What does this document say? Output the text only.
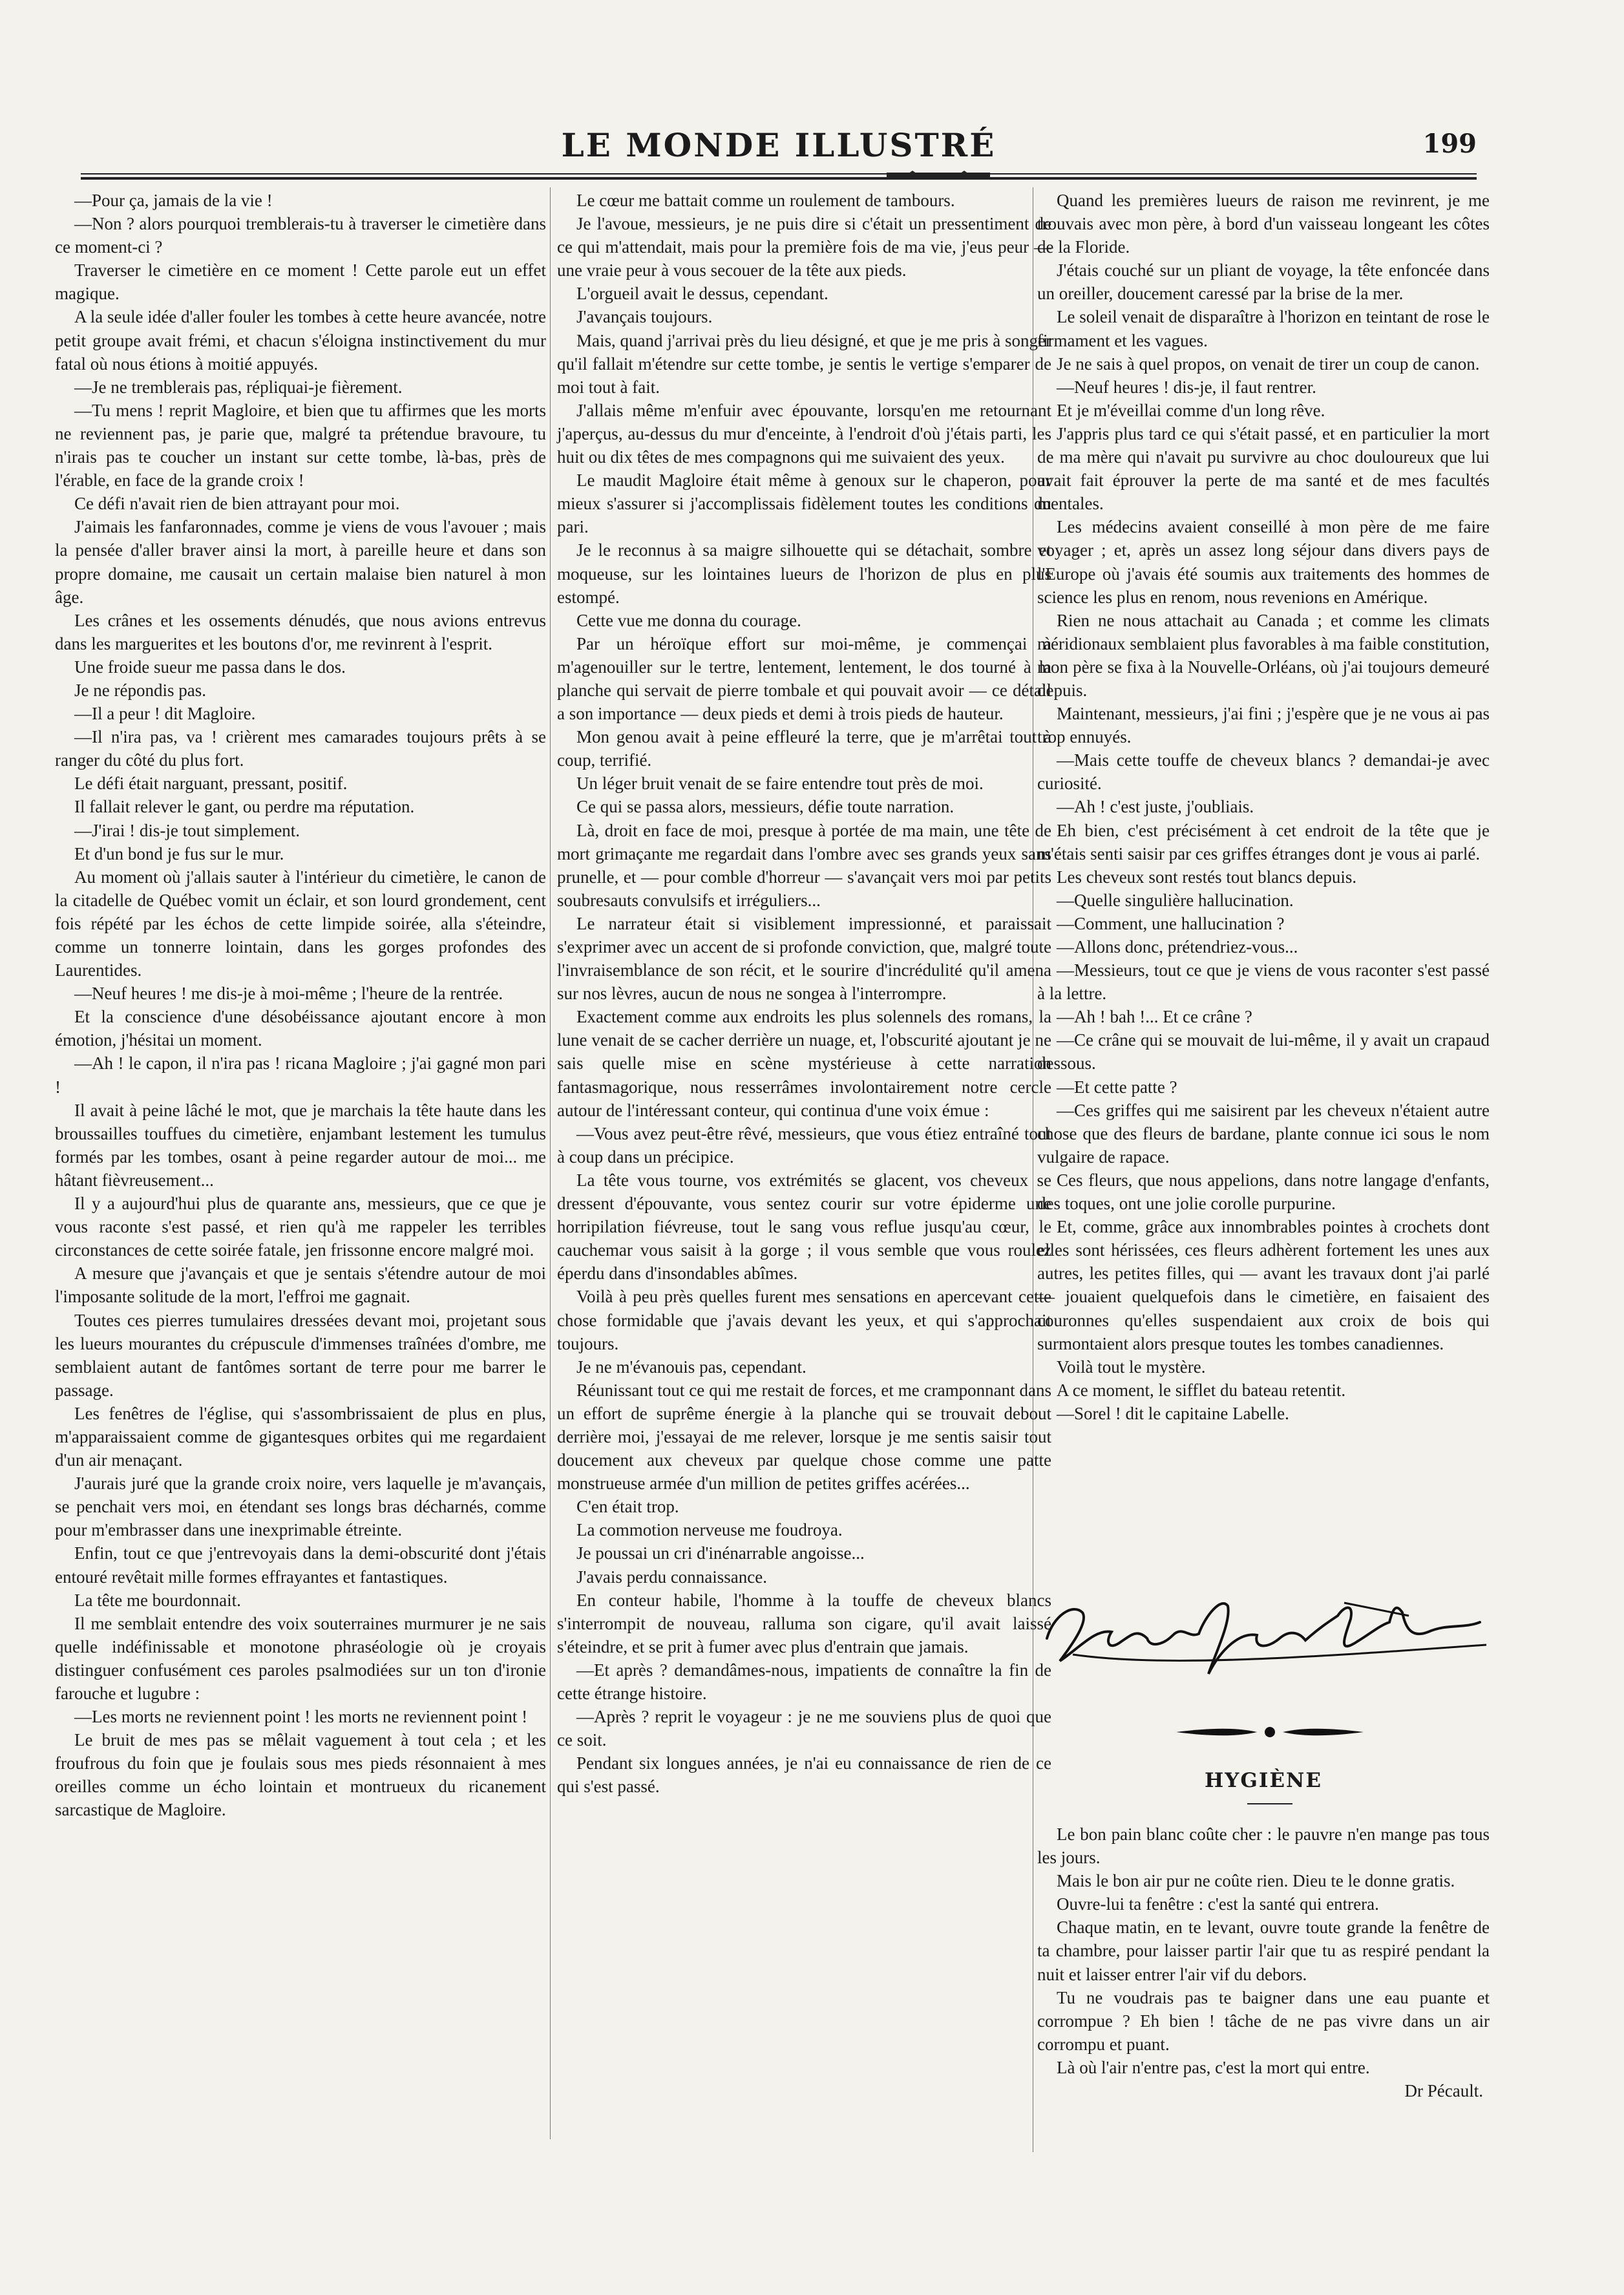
LE MONDE ILLUSTRÉ	199

—Pour ça, jamais de la vie !

—Non ? alors pourquoi tremblerais-tu à traverser le cimetière dans ce moment-ci ?

Traverser le cimetière en ce moment ! Cette parole eut un effet magique.

A la seule idée d'aller fouler les tombes à cette heure avancée, notre petit groupe avait frémi, et chacun s'éloigna instinctivement du mur fatal où nous étions à moitié appuyés.

—Je ne tremblerais pas, répliquai-je fièrement.

—Tu mens ! reprit Magloire, et bien que tu affirmes que les morts ne reviennent pas, je parie que, malgré ta prétendue bravoure, tu n'irais pas te coucher un instant sur cette tombe, là-bas, près de l'érable, en face de la grande croix !

Ce défi n'avait rien de bien attrayant pour moi.

J'aimais les fanfaronnades, comme je viens de vous l'avouer ; mais la pensée d'aller braver ainsi la mort, à pareille heure et dans son propre domaine, me causait un certain malaise bien naturel à mon âge.

Les crânes et les ossements dénudés, que nous avions entrevus dans les marguerites et les boutons d'or, me revinrent à l'esprit.

Une froide sueur me passa dans le dos.

Je ne répondis pas.

—Il a peur ! dit Magloire.

—Il n'ira pas, va ! crièrent mes camarades toujours prêts à se ranger du côté du plus fort.

Le défi était narguant, pressant, positif.

Il fallait relever le gant, ou perdre ma réputation.

—J'irai ! dis-je tout simplement.

Et d'un bond je fus sur le mur.

Au moment où j'allais sauter à l'intérieur du cimetière, le canon de la citadelle de Québec vomit un éclair, et son lourd grondement, cent fois répété par les échos de cette limpide soirée, alla s'éteindre, comme un tonnerre lointain, dans les gorges profondes des Laurentides.

—Neuf heures ! me dis-je à moi-même ; l'heure de la rentrée.

Et la conscience d'une désobéissance ajoutant encore à mon émotion, j'hésitai un moment.

—Ah ! le capon, il n'ira pas ! ricana Magloire ; j'ai gagné mon pari !

Il avait à peine lâché le mot, que je marchais la tête haute dans les broussailles touffues du cimetière, enjambant lestement les tumulus formés par les tombes, osant à peine regarder autour de moi... me hâtant fièvreusement...

Il y a aujourd'hui plus de quarante ans, messieurs, que ce que je vous raconte s'est passé, et rien qu'à me rappeler les terribles circonstances de cette soirée fatale, jen frissonne encore malgré moi.

A mesure que j'avançais et que je sentais s'étendre autour de moi l'imposante solitude de la mort, l'effroi me gagnait.

Toutes ces pierres tumulaires dressées devant moi, projetant sous les lueurs mourantes du crépuscule d'immenses traînées d'ombre, me semblaient autant de fantômes sortant de terre pour me barrer le passage.

Les fenêtres de l'église, qui s'assombrissaient de plus en plus, m'apparaissaient comme de gigantesques orbites qui me regardaient d'un air menaçant.

J'aurais juré que la grande croix noire, vers laquelle je m'avançais, se penchait vers moi, en étendant ses longs bras décharnés, comme pour m'embrasser dans une inexprimable étreinte.

Enfin, tout ce que j'entrevoyais dans la demi-obscurité dont j'étais entouré revêtait mille formes effrayantes et fantastiques.

La tête me bourdonnait.

Il me semblait entendre des voix souterraines murmurer je ne sais quelle indéfinissable et monotone phraséologie où je croyais distinguer confusément ces paroles psalmodiées sur un ton d'ironie farouche et lugubre :

—Les morts ne reviennent point ! les morts ne reviennent point !

Le bruit de mes pas se mêlait vaguement à tout cela ; et les froufrous du foin que je foulais sous mes pieds résonnaient à mes oreilles comme un écho lointain et montrueux du ricanement sarcastique de Magloire.

Le cœur me battait comme un roulement de tambours.

Je l'avoue, messieurs, je ne puis dire si c'était un pressentiment de ce qui m'attendait, mais pour la première fois de ma vie, j'eus peur — une vraie peur à vous secouer de la tête aux pieds.

L'orgueil avait le dessus, cependant.

J'avançais toujours.

Mais, quand j'arrivai près du lieu désigné, et que je me pris à songer qu'il fallait m'étendre sur cette tombe, je sentis le vertige s'emparer de moi tout à fait.

J'allais même m'enfuir avec épouvante, lorsqu'en me retournant j'aperçus, au-dessus du mur d'enceinte, à l'endroit d'où j'étais parti, les huit ou dix têtes de mes compagnons qui me suivaient des yeux.

Le maudit Magloire était même à genoux sur le chaperon, pour mieux s'assurer si j'accomplissais fidèlement toutes les conditions du pari.

Je le reconnus à sa maigre silhouette qui se détachait, sombre et moqueuse, sur les lointaines lueurs de l'horizon de plus en plus estompé.

Cette vue me donna du courage.

Par un héroïque effort sur moi-même, je commençai à m'agenouiller sur le tertre, lentement, lentement, le dos tourné à la planche qui servait de pierre tombale et qui pouvait avoir — ce détail a son importance — deux pieds et demi à trois pieds de hauteur.

Mon genou avait à peine effleuré la terre, que je m'arrêtai tout à coup, terrifié.

Un léger bruit venait de se faire entendre tout près de moi.

Ce qui se passa alors, messieurs, défie toute narration.

Là, droit en face de moi, presque à portée de ma main, une tête de mort grimaçante me regardait dans l'ombre avec ses grands yeux sans prunelle, et — pour comble d'horreur — s'avançait vers moi par petits soubresauts convulsifs et irréguliers...

Le narrateur était si visiblement impressionné, et paraissait s'exprimer avec un accent de si profonde conviction, que, malgré toute l'invraisemblance de son récit, et le sourire d'incrédulité qu'il amena sur nos lèvres, aucun de nous ne songea à l'interrompre.

Exactement comme aux endroits les plus solennels des romans, la lune venait de se cacher derrière un nuage, et, l'obscurité ajoutant je ne sais quelle mise en scène mystérieuse à cette narration fantasmagorique, nous resserrâmes involontairement notre cercle autour de l'intéressant conteur, qui continua d'une voix émue :

—Vous avez peut-être rêvé, messieurs, que vous étiez entraîné tout à coup dans un précipice.

La tête vous tourne, vos extrémités se glacent, vos cheveux se dressent d'épouvante, vous sentez courir sur votre épiderme une horripilation fiévreuse, tout le sang vous reflue jusqu'au cœur, le cauchemar vous saisit à la gorge ; il vous semble que vous roulez éperdu dans d'insondables abîmes.

Voilà à peu près quelles furent mes sensations en apercevant cette chose formidable que j'avais devant les yeux, et qui s'approchait toujours.

Je ne m'évanouis pas, cependant.

Réunissant tout ce qui me restait de forces, et me cramponnant dans un effort de suprême énergie à la planche qui se trouvait debout derrière moi, j'essayai de me relever, lorsque je me sentis saisir tout doucement aux cheveux par quelque chose comme une patte monstrueuse armée d'un million de petites griffes acérées...

C'en était trop.

La commotion nerveuse me foudroya.

Je poussai un cri d'inénarrable angoisse...

J'avais perdu connaissance.

En conteur habile, l'homme à la touffe de cheveux blancs s'interrompit de nouveau, ralluma son cigare, qu'il avait laissé s'éteindre, et se prit à fumer avec plus d'entrain que jamais.

—Et après ? demandâmes-nous, impatients de connaître la fin de cette étrange histoire.

—Après ? reprit le voyageur : je ne me souviens plus de quoi que ce soit.

Pendant six longues années, je n'ai eu connaissance de rien de ce qui s'est passé.

Quand les premières lueurs de raison me revinrent, je me trouvais avec mon père, à bord d'un vaisseau longeant les côtes de la Floride.

J'étais couché sur un pliant de voyage, la tête enfoncée dans un oreiller, doucement caressé par la brise de la mer.

Le soleil venait de disparaître à l'horizon en teintant de rose le firmament et les vagues.

Je ne sais à quel propos, on venait de tirer un coup de canon.

—Neuf heures ! dis-je, il faut rentrer.

Et je m'éveillai comme d'un long rêve.

J'appris plus tard ce qui s'était passé, et en particulier la mort de ma mère qui n'avait pu survivre au choc douloureux que lui avait fait éprouver la perte de ma santé et de mes facultés mentales.

Les médecins avaient conseillé à mon père de me faire voyager ; et, après un assez long séjour dans divers pays de l'Europe où j'avais été soumis aux traitements des hommes de science les plus en renom, nous revenions en Amérique.

Rien ne nous attachait au Canada ; et comme les climats méridionaux semblaient plus favorables à ma faible constitution, mon père se fixa à la Nouvelle-Orléans, où j'ai toujours demeuré depuis.

Maintenant, messieurs, j'ai fini ; j'espère que je ne vous ai pas trop ennuyés.

—Mais cette touffe de cheveux blancs ? demandai-je avec curiosité.

—Ah ! c'est juste, j'oubliais.

Eh bien, c'est précisément à cet endroit de la tête que je m'étais senti saisir par ces griffes étranges dont je vous ai parlé.

Les cheveux sont restés tout blancs depuis.

—Quelle singulière hallucination.

—Comment, une hallucination ?

—Allons donc, prétendriez-vous...

—Messieurs, tout ce que je viens de vous raconter s'est passé à la lettre.

—Ah ! bah !... Et ce crâne ?

—Ce crâne qui se mouvait de lui-même, il y avait un crapaud dessous.

—Et cette patte ?

—Ces griffes qui me saisirent par les cheveux n'étaient autre chose que des fleurs de bardane, plante connue ici sous le nom vulgaire de rapace.

Ces fleurs, que nous appelions, dans notre langage d'enfants, des toques, ont une jolie corolle purpurine.

Et, comme, grâce aux innombrables pointes à crochets dont elles sont hérissées, ces fleurs adhèrent fortement les unes aux autres, les petites filles, qui — avant les travaux dont j'ai parlé — jouaient quelquefois dans le cimetière, en faisaient des couronnes qu'elles suspendaient aux croix de bois qui surmontaient alors presque toutes les tombes canadiennes.

Voilà tout le mystère.

A ce moment, le sifflet du bateau retentit.

—Sorel ! dit le capitaine Labelle.

HYGIÈNE

Le bon pain blanc coûte cher : le pauvre n'en mange pas tous les jours.

Mais le bon air pur ne coûte rien. Dieu te le donne gratis.

Ouvre-lui ta fenêtre : c'est la santé qui entrera.

Chaque matin, en te levant, ouvre toute grande la fenêtre de ta chambre, pour laisser partir l'air que tu as respiré pendant la nuit et laisser entrer l'air vif du debors.

Tu ne voudrais pas te baigner dans une eau puante et corrompue ? Eh bien ! tâche de ne pas vivre dans un air corrompu et puant.

Là où l'air n'entre pas, c'est la mort qui entre.

Dr Pécault.
